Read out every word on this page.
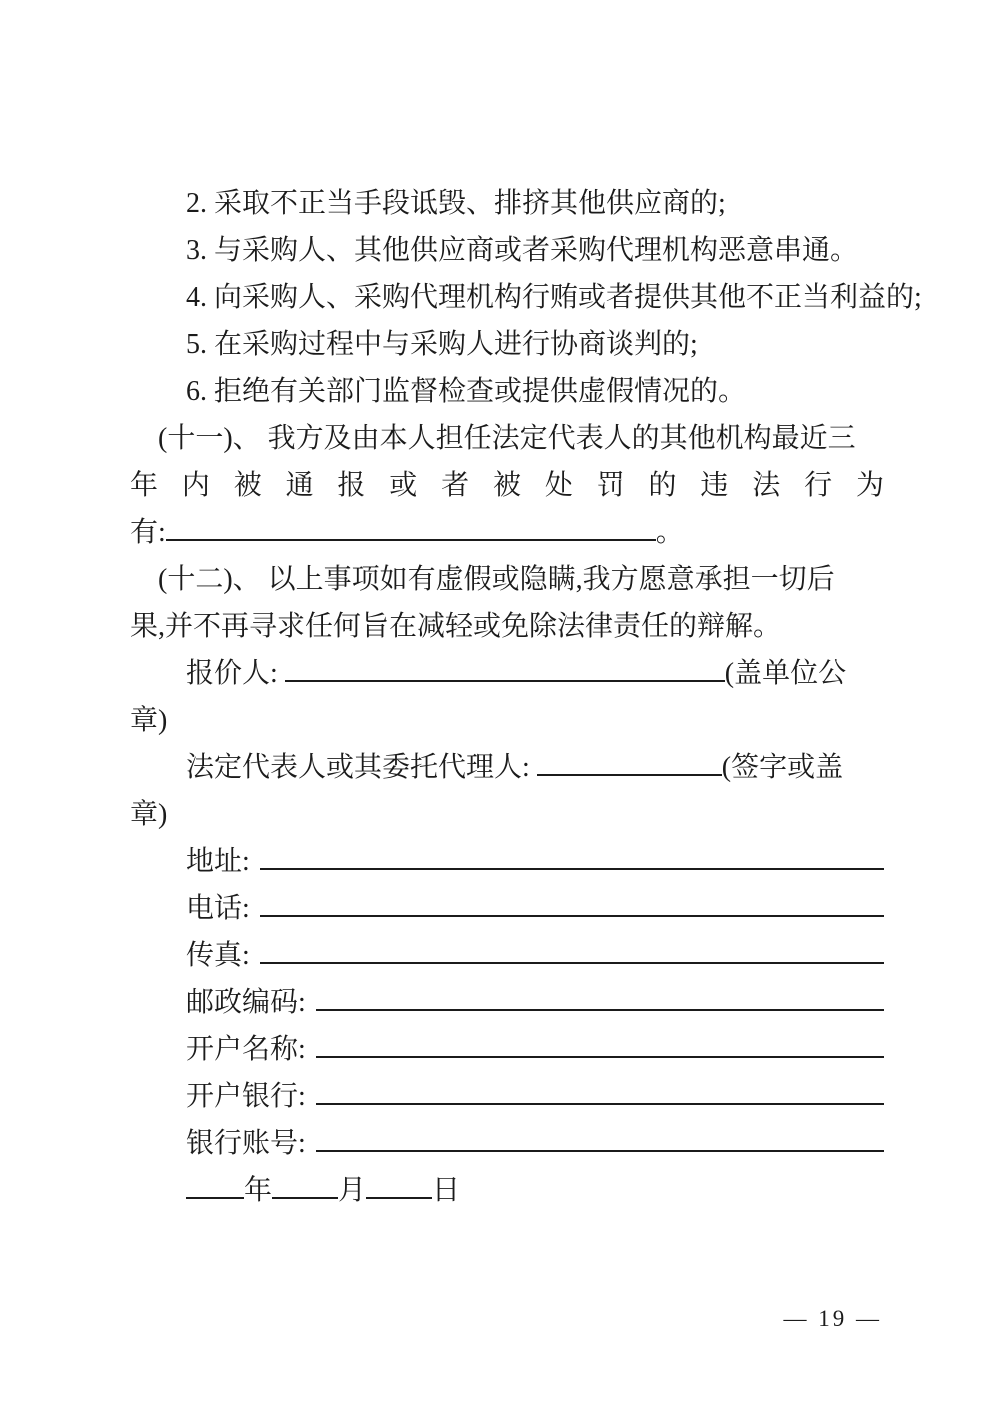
2. 采取不正当手段诋毁、排挤其他供应商的;

3. 与采购人、其他供应商或者采购代理机构恶意串通。

4. 向采购人、采购代理机构行贿或者提供其他不正当利益的;

5. 在采购过程中与采购人进行协商谈判的;

6. 拒绝有关部门监督检查或提供虚假情况的。

(十一)、 我方及由本人担任法定代表人的其他机构最近三

年内被通报或者被处罚的违法行为

有:	。

(十二)、 以上事项如有虚假或隐瞒,我方愿意承担一切后

果,并不再寻求任何旨在减轻或免除法律责任的辩解。

报价人:	(盖单位公

章)

法定代表人或其委托代理人:	(签字或盖

章)

地址:

电话:

传真:

邮政编码:

开户名称:

开户银行:

银行账号:

年 月 日

— 19 —
